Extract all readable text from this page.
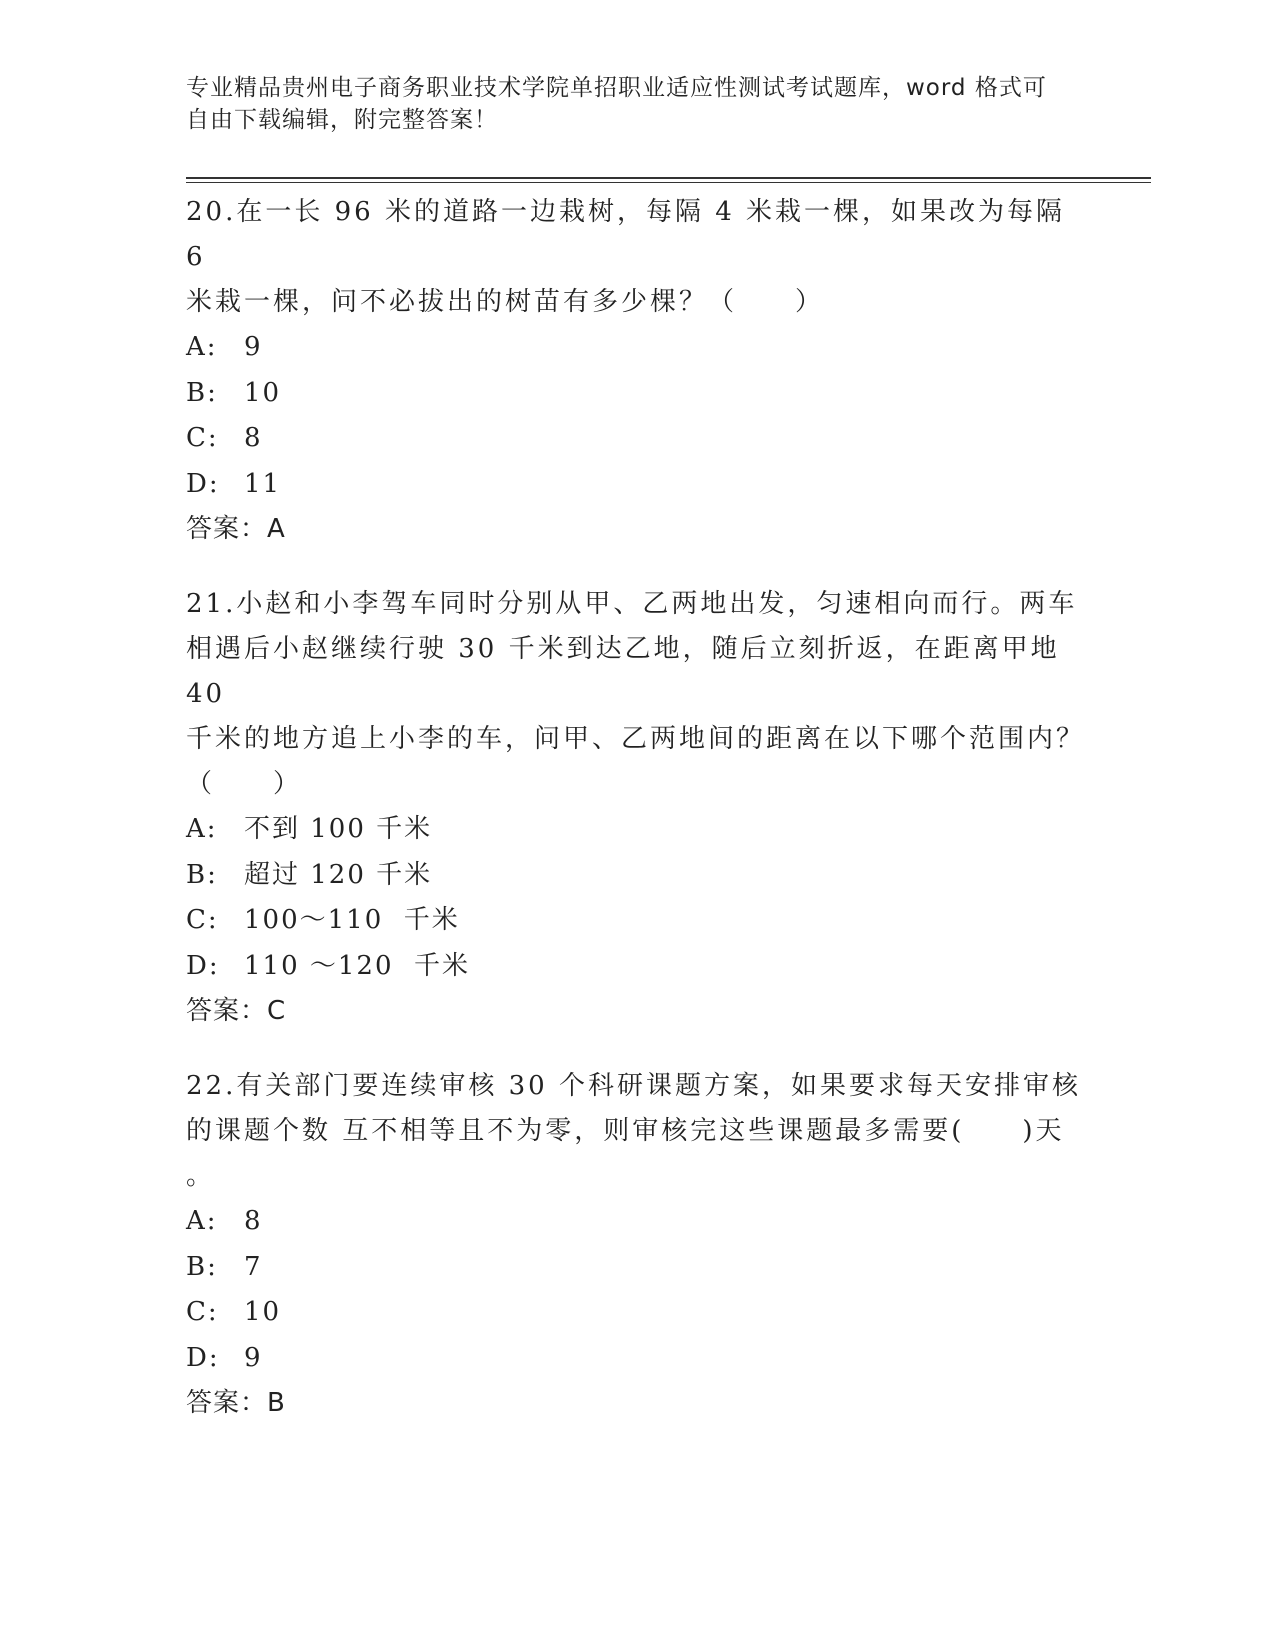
专业精品贵州电子商务职业技术学院单招职业适应性测试考试题库，word 格式可
自由下载编辑，附完整答案！

20.在一长 96 米的道路一边栽树，每隔 4 米栽一棵，如果改为每隔 6
米栽一棵，问不必拔出的树苗有多少棵？（　　）

A: 9
B: 10
C: 8
D: 11
答案：A

21.小赵和小李驾车同时分别从甲、乙两地出发，匀速相向而行。两车
相遇后小赵继续行驶 30 千米到达乙地，随后立刻折返，在距离甲地 40
千米的地方追上小李的车，问甲、乙两地间的距离在以下哪个范围内？
（　　）

A: 不到 100 千米
B: 超过 120 千米
C: 100～110  千米
D: 110 ～120  千米
答案：C

22.有关部门要连续审核 30 个科研课题方案，如果要求每天安排审核
的课题个数 互不相等且不为零，则审核完这些课题最多需要(　　)天
。

A: 8
B: 7
C: 10
D: 9
答案：B
